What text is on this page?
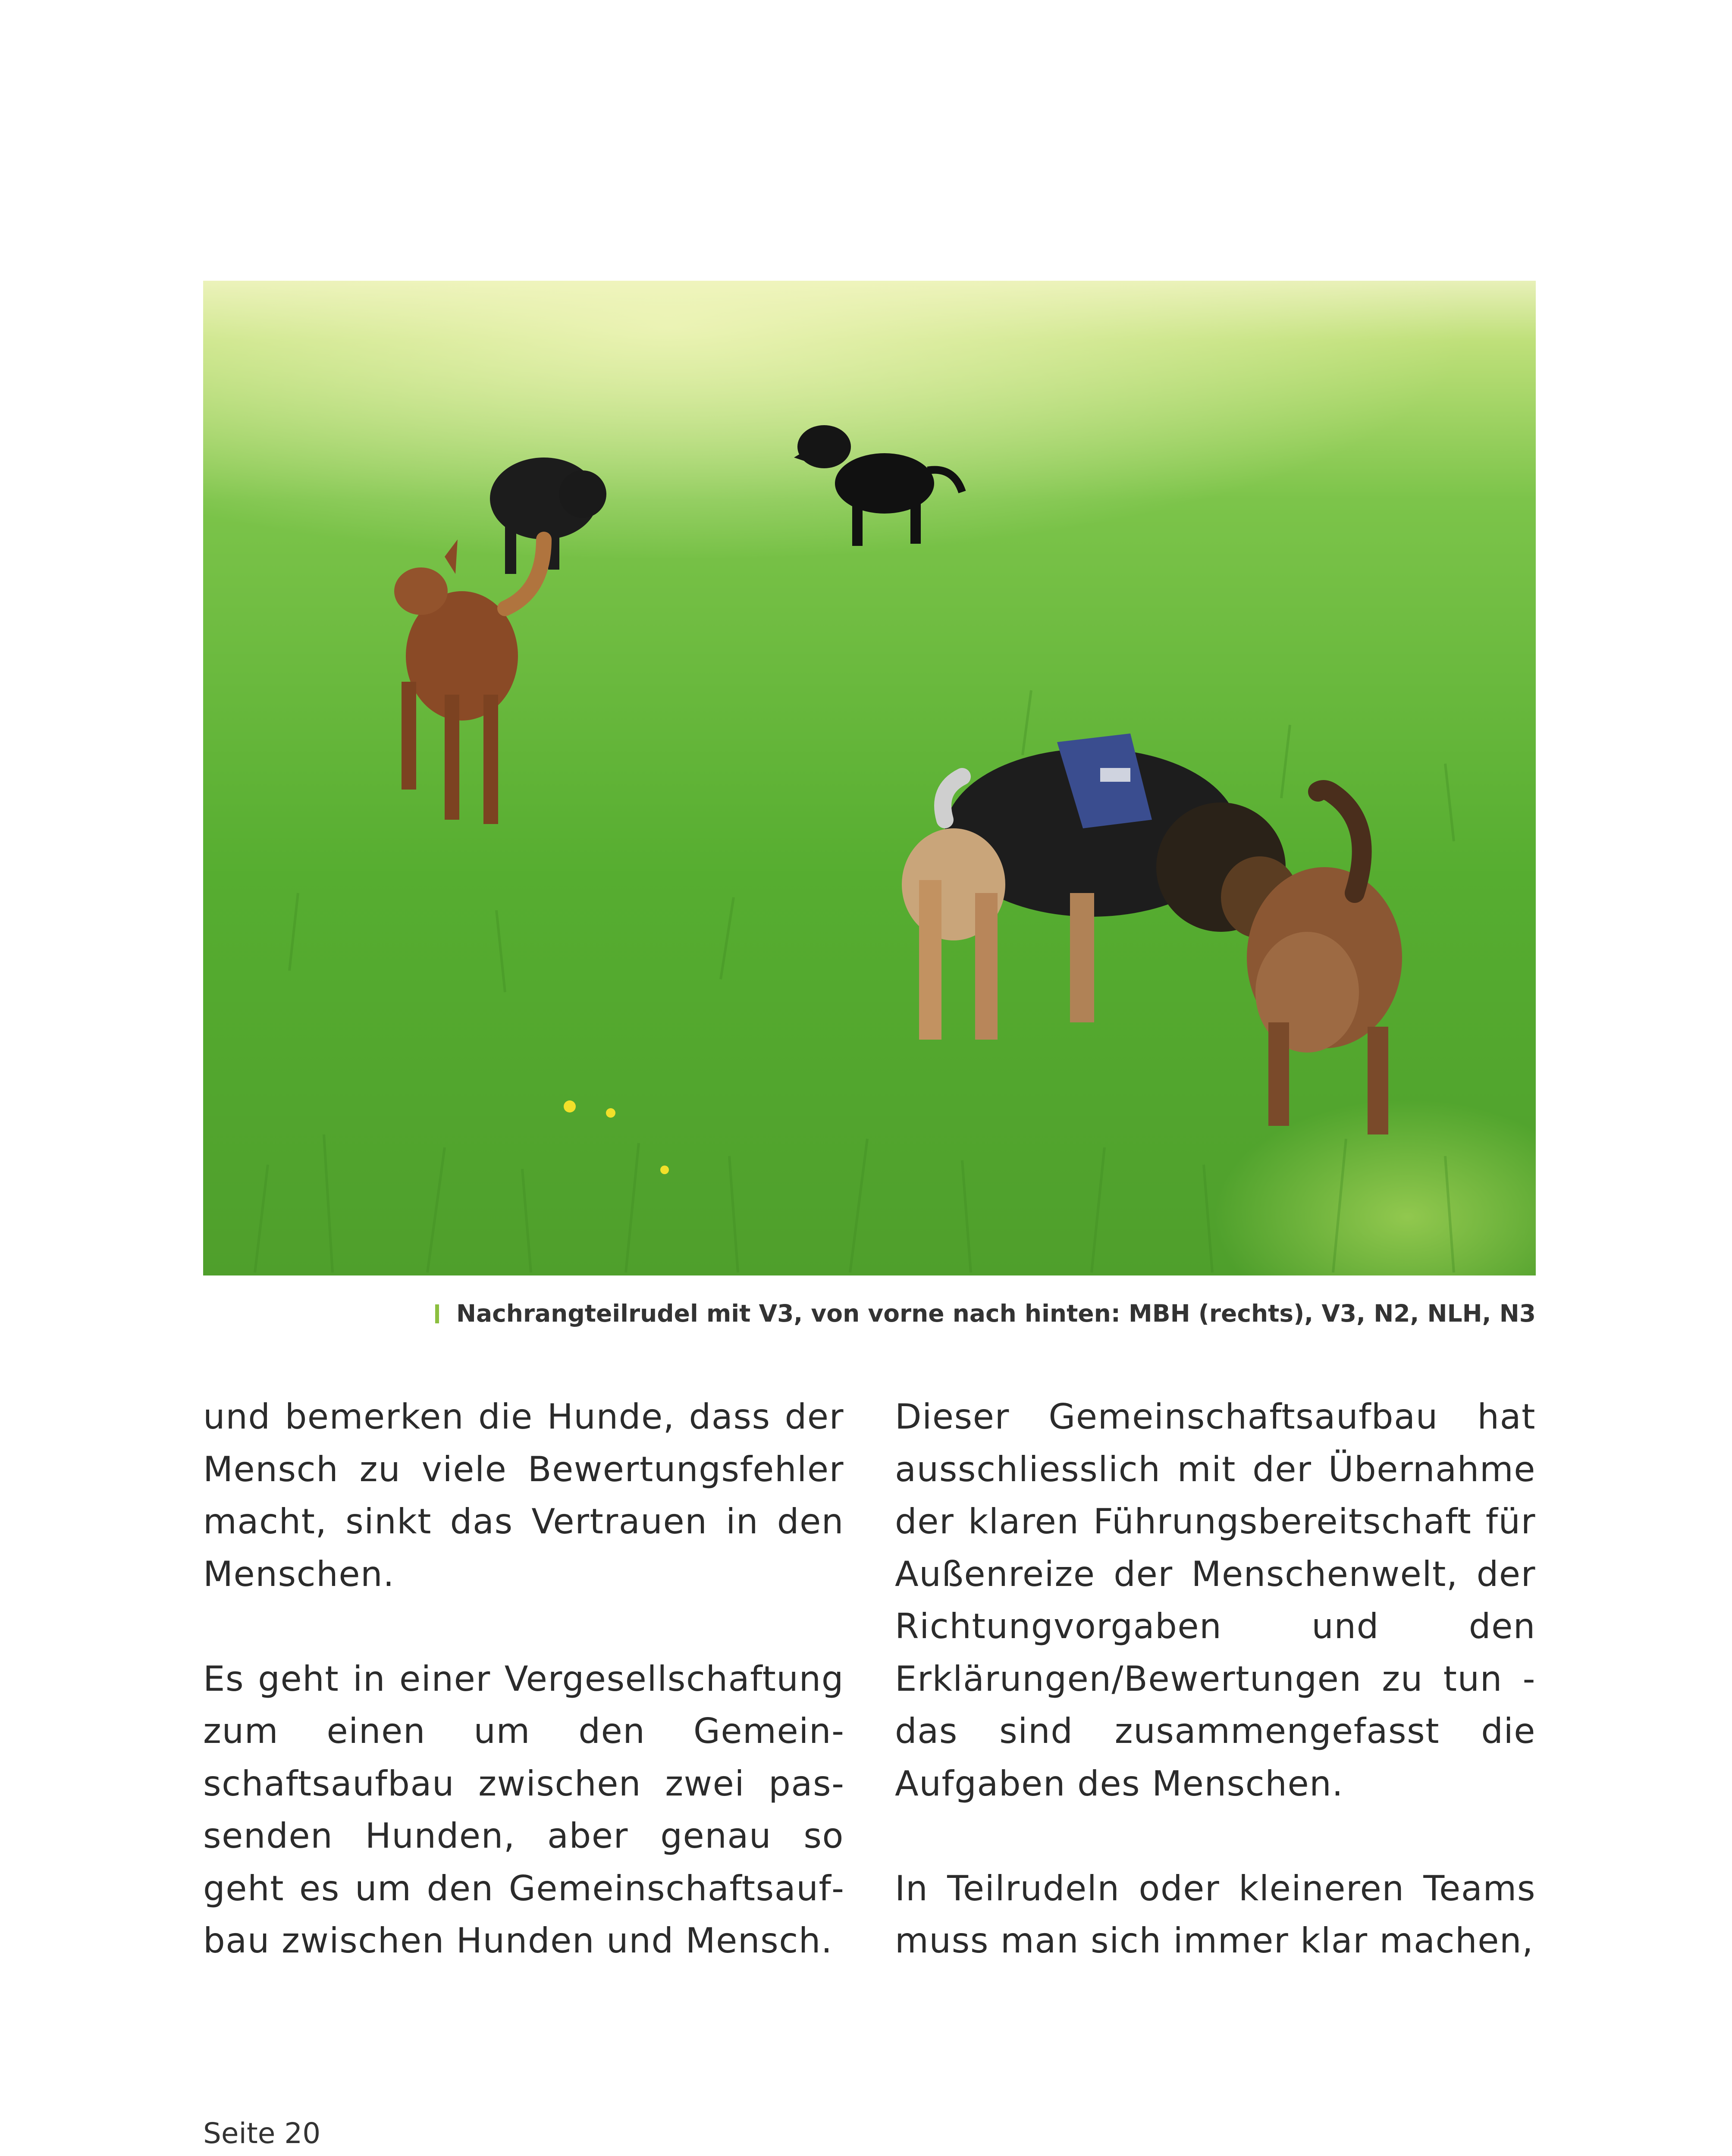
Nachrangteilrudel mit V3, von vorne nach hinten: MBH (rechts), V3, N2, NLH, N3

und bemerken die Hunde, dass der Mensch zu viele Bewertungsfehler macht, sinkt das Vertrauen in den Menschen.

Es geht in einer Vergesellschaftung zum einen um den Gemeinschaftsaufbau zwischen zwei passenden Hunden, aber genau so geht es um den Gemeinschaftsaufbau zwischen Hunden und Mensch.

Dieser Gemeinschaftsaufbau hat ausschliesslich mit der Übernahme der klaren Führungsbereitschaft für Außenreize der Menschenwelt, der Richtungvorgaben und den Erklärungen/Bewertungen zu tun - das sind zusammengefasst die Aufgaben des Menschen.

In Teilrudeln oder kleineren Teams muss man sich immer klar machen,

Seite 20
